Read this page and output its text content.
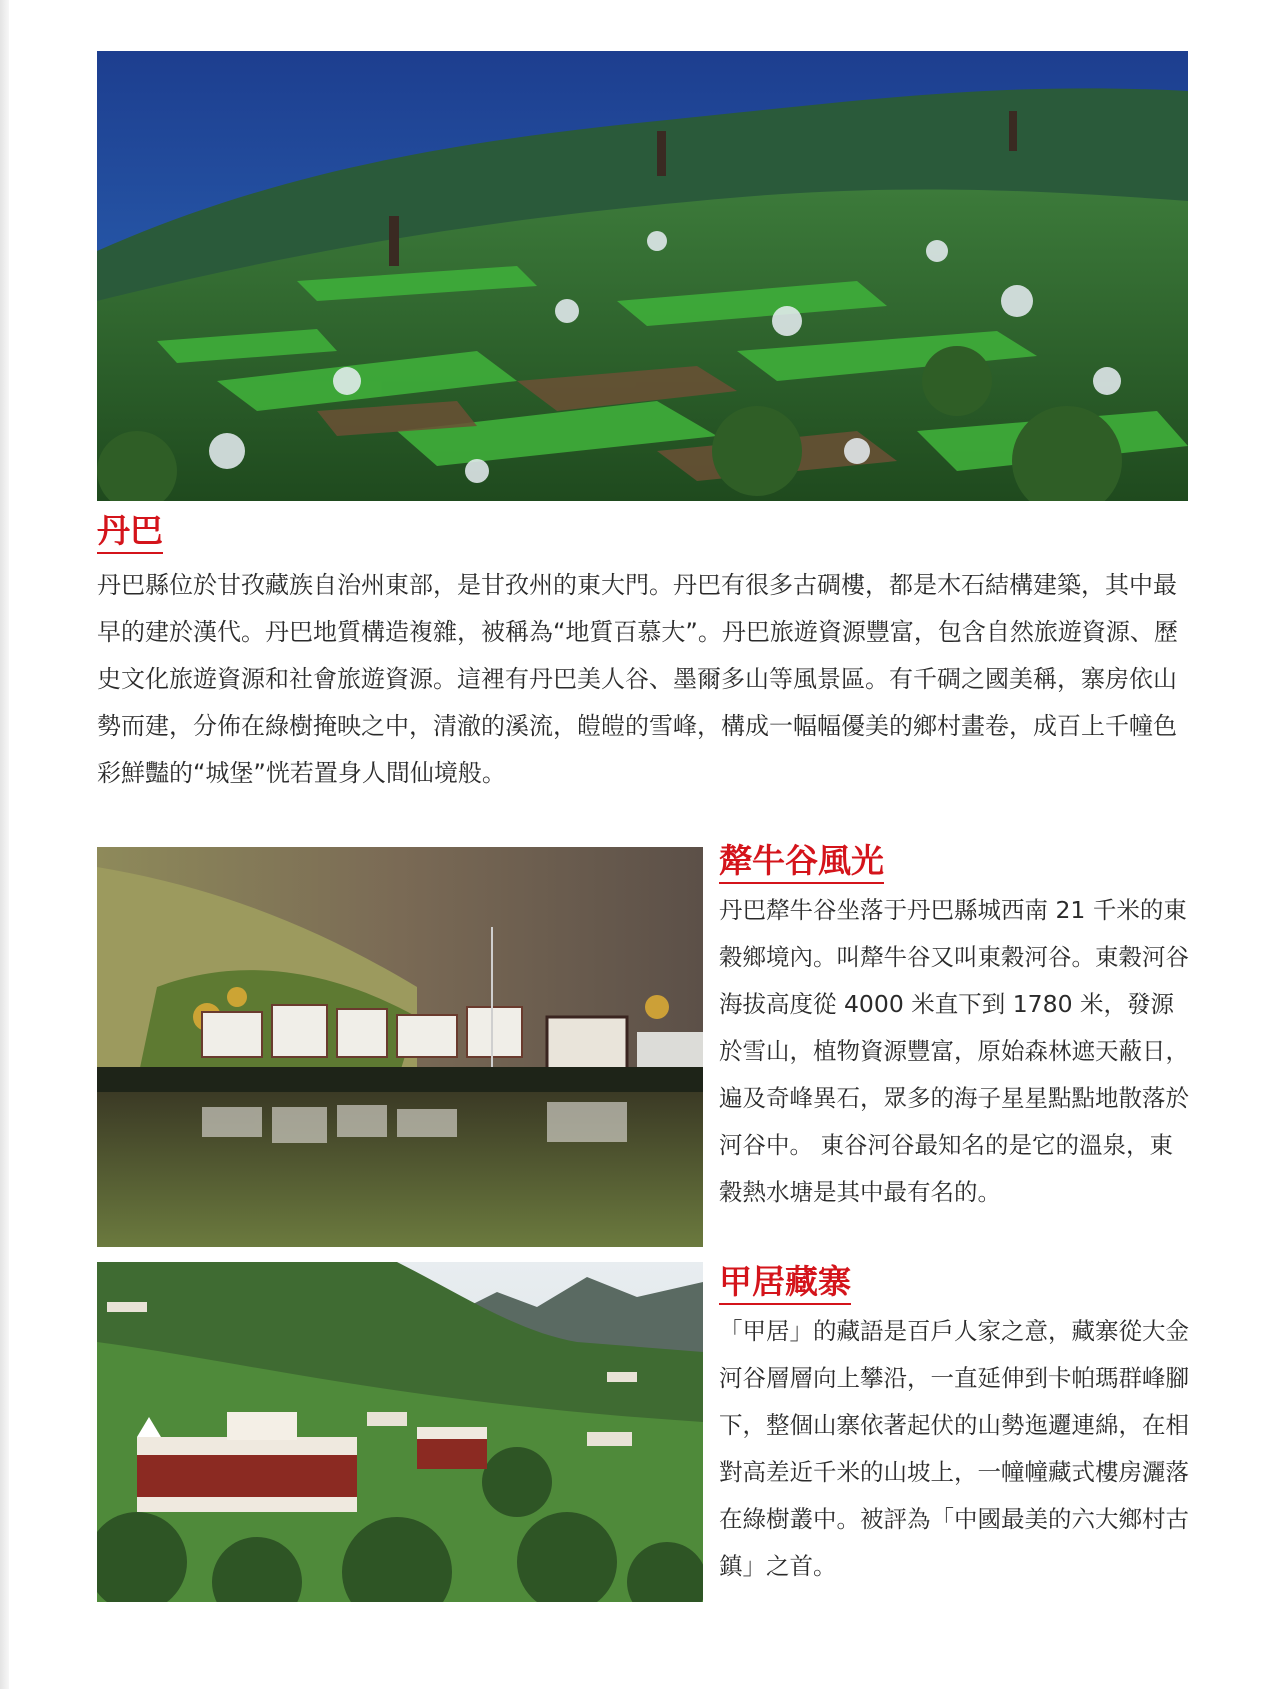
丹巴

丹巴縣位於甘孜藏族自治州東部，是甘孜州的東大門。丹巴有很多古碉樓，都是木石結構建築，其中最早的建於漢代。丹巴地質構造複雜，被稱為“地質百慕大”。丹巴旅遊資源豐富，包含自然旅遊資源、歷史文化旅遊資源和社會旅遊資源。這裡有丹巴美人谷、墨爾多山等風景區。有千碉之國美稱，寨房依山勢而建，分佈在綠樹掩映之中，清澈的溪流，皚皚的雪峰，構成一幅幅優美的鄉村畫卷，成百上千幢色彩鮮豔的“城堡”恍若置身人間仙境般。

犛牛谷風光

丹巴犛牛谷坐落于丹巴縣城西南 21 千米的東穀鄉境內。叫犛牛谷又叫東穀河谷。東穀河谷海拔高度從 4000 米直下到 1780 米，發源於雪山，植物資源豐富，原始森林遮天蔽日，遍及奇峰異石，眾多的海子星星點點地散落於河谷中。 東谷河谷最知名的是它的溫泉，東穀熱水塘是其中最有名的。

甲居藏寨

「甲居」的藏語是百戶人家之意，藏寨從大金河谷層層向上攀沿，一直延伸到卡帕瑪群峰腳下，整個山寨依著起伏的山勢迤邐連綿，在相對高差近千米的山坡上，一幢幢藏式樓房灑落在綠樹叢中。被評為「中國最美的六大鄉村古鎮」之首。
